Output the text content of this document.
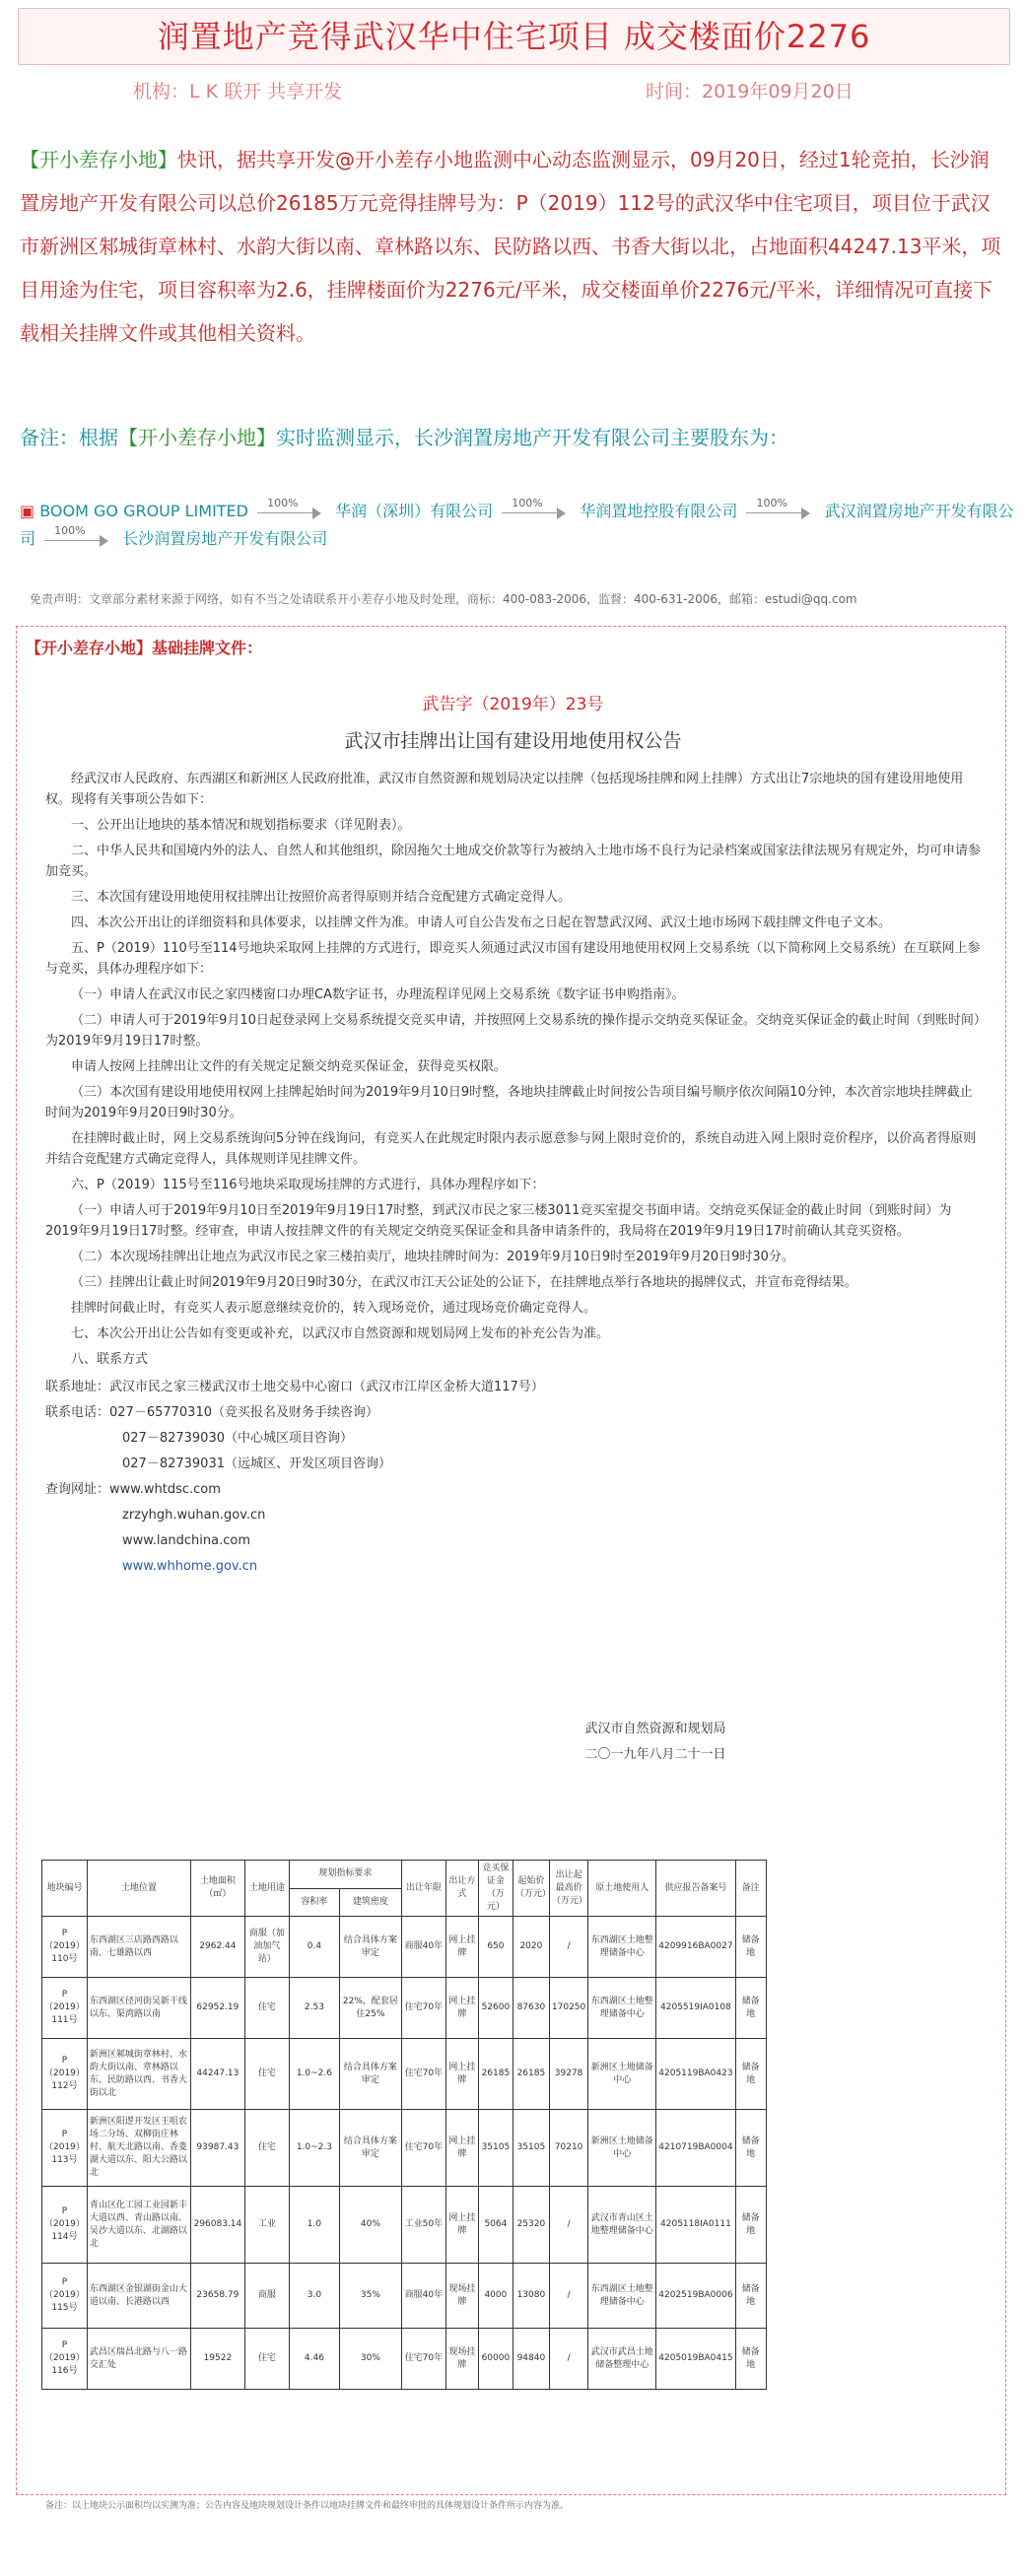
润置地产竞得武汉华中住宅项目 成交楼面价2276
机构：L K 联开 共享开发	时间：2019年09月20日
【开小差存小地】快讯，据共享开发@开小差存小地监测中心动态监测显示，09月20日，经过1轮竞拍，长沙润置房地产开发有限公司以总价26185万元竞得挂牌号为：P（2019）112号的武汉华中住宅项目，项目位于武汉市新洲区邾城街章林村、水韵大街以南、章林路以东、民防路以西、书香大街以北，占地面积44247.13平米，项目用途为住宅，项目容积率为2.6，挂牌楼面价为2276元/平米，成交楼面单价2276元/平米，详细情况可直接下载相关挂牌文件或其他相关资料。
备注：根据【开小差存小地】实时监测显示，长沙润置房地产开发有限公司主要股东为：
▣ BOOM GO GROUP LIMITED 100% 华润（深圳）有限公司 100% 华润置地控股有限公司 100% 武汉润置房地产开发有限公司 100% 长沙润置房地产开发有限公司
免责声明：文章部分素材来源于网络，如有不当之处请联系开小差存小地及时处理，商标：400-083-2006，监督：400-631-2006，邮箱：estudi@qq.com
【开小差存小地】基础挂牌文件：
武告字（2019年）23号
武汉市挂牌出让国有建设用地使用权公告

经武汉市人民政府、东西湖区和新洲区人民政府批准，武汉市自然资源和规划局决定以挂牌（包括现场挂牌和网上挂牌）方式出让7宗地块的国有建设用地使用权。现将有关事项公告如下：

一、公开出让地块的基本情况和规划指标要求（详见附表）。

二、中华人民共和国境内外的法人、自然人和其他组织，除因拖欠土地成交价款等行为被纳入土地市场不良行为记录档案或国家法律法规另有规定外，均可申请参加竞买。

三、本次国有建设用地使用权挂牌出让按照价高者得原则并结合竞配建方式确定竞得人。

四、本次公开出让的详细资料和具体要求，以挂牌文件为准。申请人可自公告发布之日起在智慧武汉网、武汉土地市场网下载挂牌文件电子文本。

五、P（2019）110号至114号地块采取网上挂牌的方式进行，即竞买人须通过武汉市国有建设用地使用权网上交易系统（以下简称网上交易系统）在互联网上参与竞买，具体办理程序如下：

（一）申请人在武汉市民之家四楼窗口办理CA数字证书，办理流程详见网上交易系统《数字证书申购指南》。

（二）申请人可于2019年9月10日起登录网上交易系统提交竞买申请，并按照网上交易系统的操作提示交纳竞买保证金。交纳竞买保证金的截止时间（到账时间）为2019年9月19日17时整。

申请人按网上挂牌出让文件的有关规定足额交纳竞买保证金，获得竞买权限。

（三）本次国有建设用地使用权网上挂牌起始时间为2019年9月10日9时整，各地块挂牌截止时间按公告项目编号顺序依次间隔10分钟，本次首宗地块挂牌截止时间为2019年9月20日9时30分。

在挂牌时截止时，网上交易系统询问5分钟在线询问，有竞买人在此规定时限内表示愿意参与网上限时竞价的，系统自动进入网上限时竞价程序，以价高者得原则并结合竞配建方式确定竞得人，具体规则详见挂牌文件。

六、P（2019）115号至116号地块采取现场挂牌的方式进行，具体办理程序如下：

（一）申请人可于2019年9月10日至2019年9月19日17时整，到武汉市民之家三楼3011竞买室提交书面申请。交纳竞买保证金的截止时间（到账时间）为2019年9月19日17时整。经审查，申请人按挂牌文件的有关规定交纳竞买保证金和具备申请条件的，我局将在2019年9月19日17时前确认其竞买资格。

（二）本次现场挂牌出让地点为武汉市民之家三楼拍卖厅，地块挂牌时间为：2019年9月10日9时至2019年9月20日9时30分。

（三）挂牌出让截止时间2019年9月20日9时30分，在武汉市江天公证处的公证下，在挂牌地点举行各地块的揭牌仪式，并宣布竞得结果。

挂牌时间截止时，有竞买人表示愿意继续竞价的，转入现场竞价，通过现场竞价确定竞得人。

七、本次公开出让公告如有变更或补充，以武汉市自然资源和规划局网上发布的补充公告为准。

八、联系方式

联系地址：武汉市民之家三楼武汉市土地交易中心窗口（武汉市江岸区金桥大道117号）
联系电话：027－65770310（竞买报名及财务手续咨询）
027－82739030（中心城区项目咨询）
027－82739031（远城区、开发区项目咨询）
查询网址：www.whtdsc.com
zrzyhgh.wuhan.gov.cn
www.landchina.com
www.whhome.gov.cn
武汉市自然资源和规划局
二〇一九年八月二十一日
地块编号	土地位置	土地面积（㎡）	土地用途	规划指标要求		出让年限	出让方式	竞买保证金（万元）	起始价（万元）	出让起最高价（万元）	原土地使用人	供应报告备案号	备注
				容积率	建筑密度								
P（2019）110号	东西湖区三店路西路以南、七雄路以西	2962.44	商服（加油加气站）	0.4	结合具体方案审定	商服40年	网上挂牌	650	2020	/	东西湖区土地整理储备中心	4209916BA0027	储备地
P（2019）111号	东西湖区径河街吴新干线以东、渠湾路以南	62952.19	住宅	2.53	22%，配套居住25%	住宅70年	网上挂牌	52600	87630	170250	东西湖区土地整理储备中心	4205519IA0108	储备地
P（2019）112号	新洲区邾城街章林村、水韵大街以南、章林路以东、民防路以西、书香大街以北	44247.13	住宅	1.0~2.6	结合具体方案审定	住宅70年	网上挂牌	26185	26185	39278	新洲区土地储备中心	4205119BA0423	储备地
P（2019）113号	新洲区阳逻开发区王咀农场二分场、双柳街庄林村、航天北路以南、香菱湖大道以东、阳大公路以北	93987.43	住宅	1.0~2.3	结合具体方案审定	住宅70年	网上挂牌	35105	35105	70210	新洲区土地储备中心	4210719BA0004	储备地
P（2019）114号	青山区化工园工业园新丰大道以西、青山路以南、吴沙大道以东、北湖路以北	296083.14	工业	1.0	40%	工业50年	网上挂牌	5064	25320	/	武汉市青山区土地整理储备中心	4205118IA0111	储备地
P（2019）115号	东西湖区金银湖街金山大道以南、长港路以西	23658.79	商服	3.0	35%	商服40年	现场挂牌	4000	13080	/	东西湖区土地整理储备中心	4202519BA0006	储备地
P（2019）116号	武昌区瑞昌北路与八一路交汇处	19522	住宅	4.46	30%	住宅70年	现场挂牌	60000	94840	/	武汉市武昌土地储备整理中心	4205019BA0415	储备地
备注：以上地块公示面积均以实测为准；公告内容及地块规划设计条件以地块挂牌文件和最终审批的具体规划设计条件所示内容为准。
